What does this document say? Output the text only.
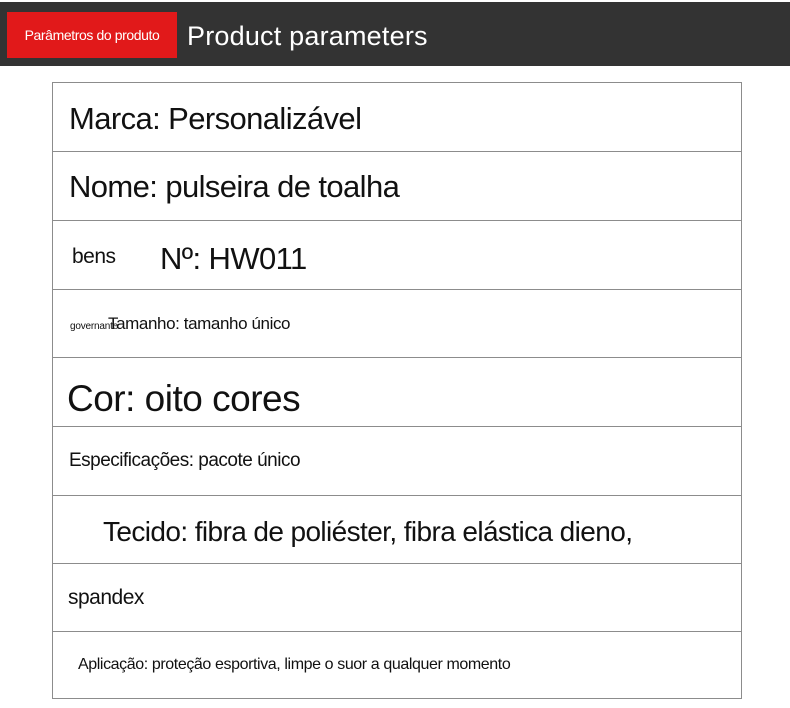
Parâmetros do produto	Product parameters
Marca: Personalizável
Nome: pulseira de toalha
bens Nº: HW011
governante
Tamanho: tamanho único
Cor: oito cores
Especificações: pacote único
Tecido: fibra de poliéster, fibra elástica dieno,
spandex
Aplicação: proteção esportiva, limpe o suor a qualquer momento
